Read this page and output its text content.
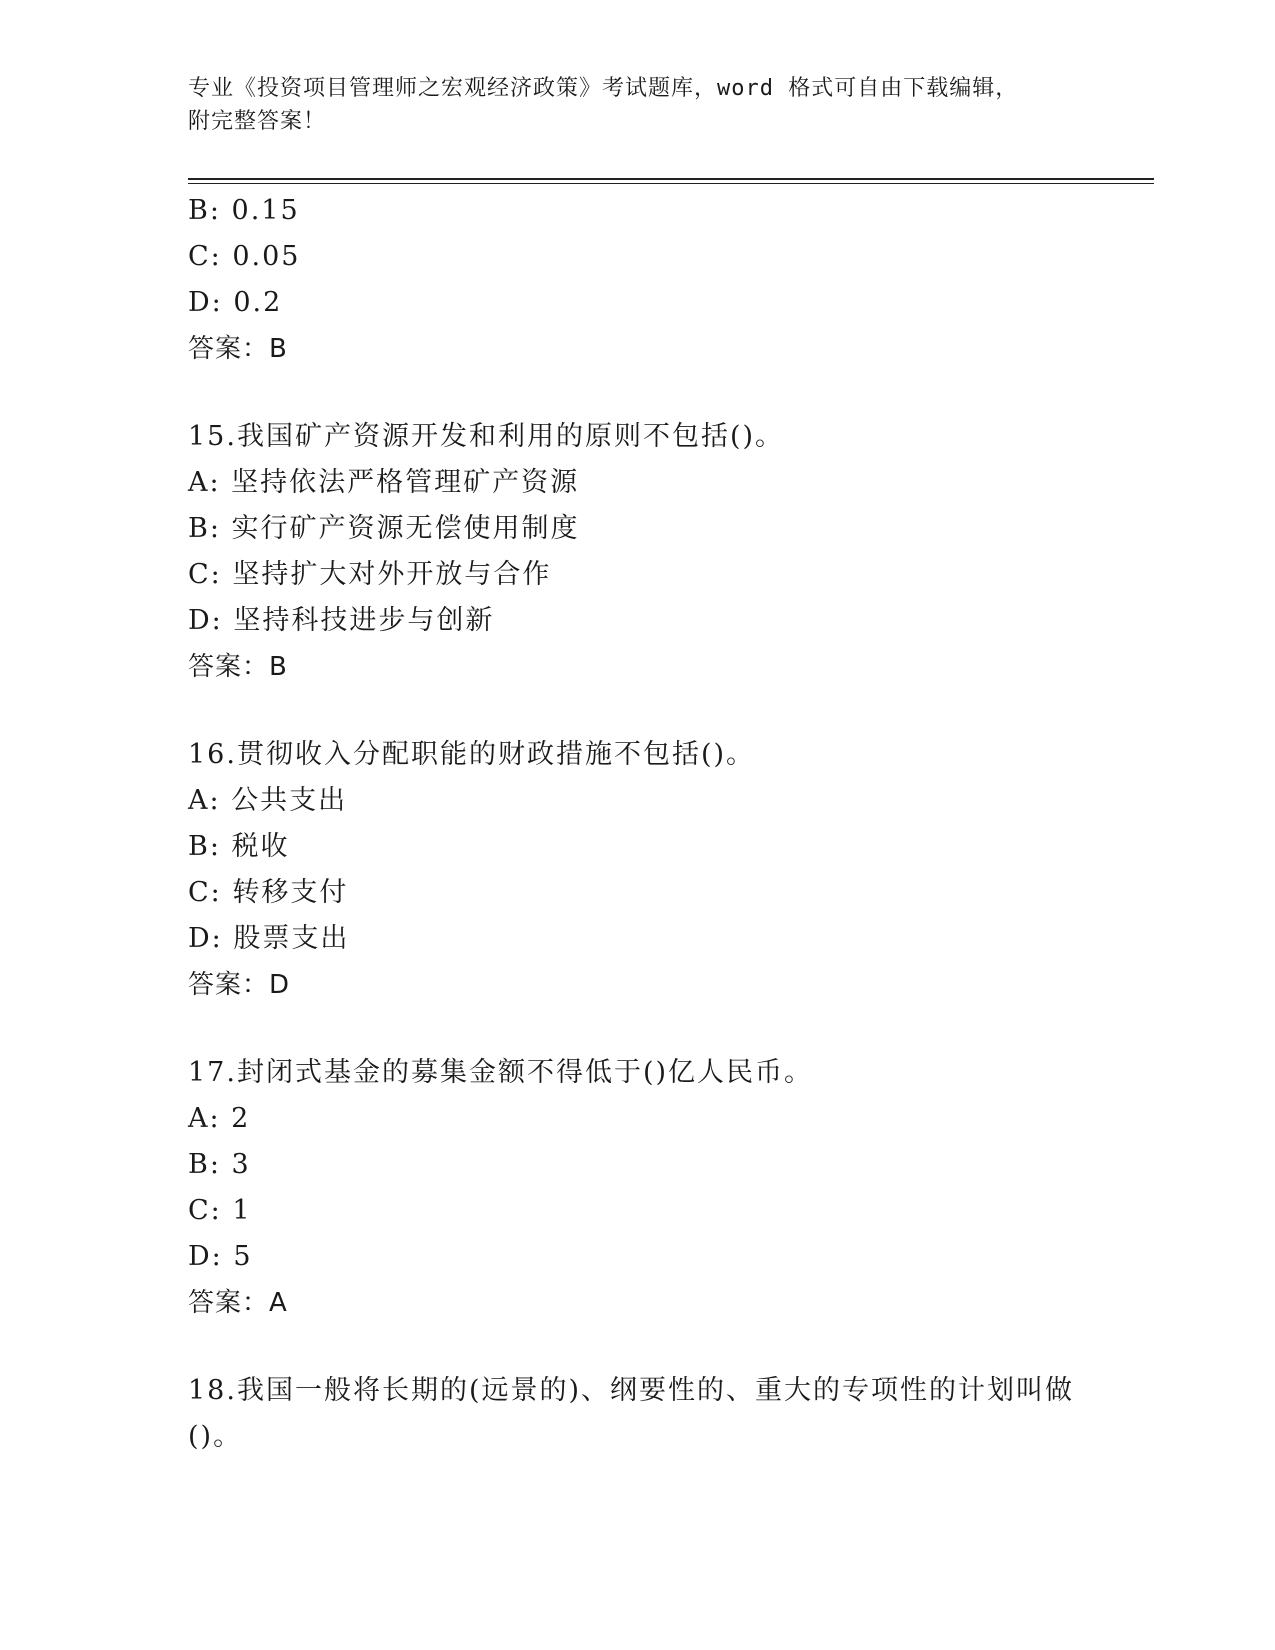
专业《投资项目管理师之宏观经济政策》考试题库，word 格式可自由下载编辑，
附完整答案！
B: 0.15
C: 0.05
D: 0.2
答案：B
15.我国矿产资源开发和利用的原则不包括()。
A: 坚持依法严格管理矿产资源
B: 实行矿产资源无偿使用制度
C: 坚持扩大对外开放与合作
D: 坚持科技进步与创新
答案：B
16.贯彻收入分配职能的财政措施不包括()。
A: 公共支出
B: 税收
C: 转移支付
D: 股票支出
答案：D
17.封闭式基金的募集金额不得低于()亿人民币。
A: 2
B: 3
C: 1
D: 5
答案：A
18.我国一般将长期的(远景的)、纲要性的、重大的专项性的计划叫做
()。
